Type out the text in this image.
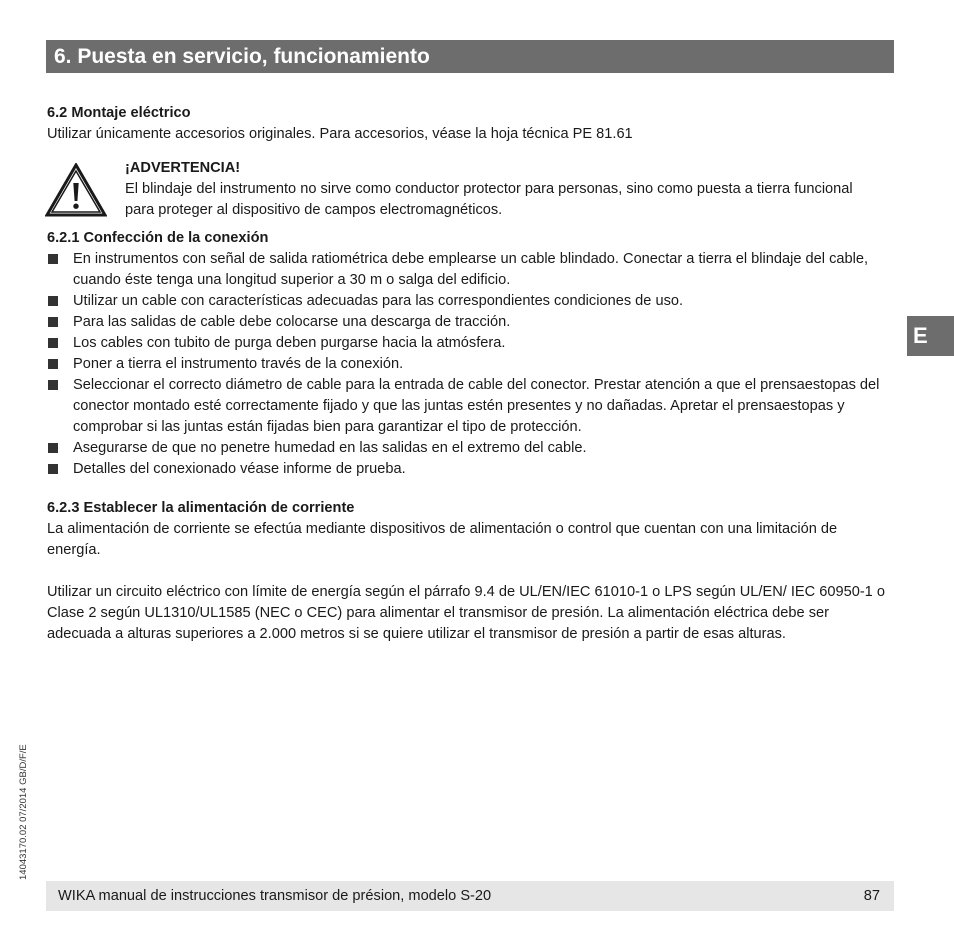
6. Puesta en servicio, funcionamiento
E

6.2 Montaje eléctrico

Utilizar únicamente accesorios originales. Para accesorios, véase la hoja técnica PE 81.61

¡ADVERTENCIA!

El blindaje del instrumento no sirve como conductor protector para personas, sino como puesta a tierra funcional para proteger al dispositivo de campos electromagnéticos.

6.2.1 Confección de la conexión

En instrumentos con señal de salida ratiométrica debe emplearse un cable blindado. Conectar a tierra el blindaje del cable, cuando éste tenga una longitud superior a 30 m o salga del edificio.
Utilizar un cable con características adecuadas para las correspondientes condiciones de uso.
Para las salidas de cable debe colocarse una descarga de tracción.
Los cables con tubito de purga deben purgarse hacia la atmósfera.
Poner a tierra el instrumento través de la conexión.
Seleccionar el correcto diámetro de cable para la entrada de cable del conector. Prestar atención a que el prensaestopas del conector montado esté correctamente fijado y que las juntas estén presentes y no dañadas. Apretar el prensaestopas y comprobar si las juntas están fijadas bien para garantizar el tipo de protección.
Asegurarse de que no penetre humedad en las salidas en el extremo del cable.
Detalles del conexionado véase informe de prueba.

6.2.3 Establecer la alimentación de corriente

La alimentación de corriente se efectúa mediante dispositivos de alimentación o control que cuentan con una limitación de energía.

Utilizar un circuito eléctrico con límite de energía según el párrafo 9.4 de UL/EN/IEC 61010-1 o LPS según UL/EN/ IEC 60950-1 o Clase 2 según UL1310/UL1585 (NEC o CEC) para alimentar el transmisor de presión. La alimentación eléctrica debe ser adecuada a alturas superiores a 2.000 metros si se quiere utilizar el transmisor de presión a partir de esas alturas.

14043170.02 07/2014 GB/D/F/E
WIKA manual de instrucciones transmisor de présion, modelo S-20	87
